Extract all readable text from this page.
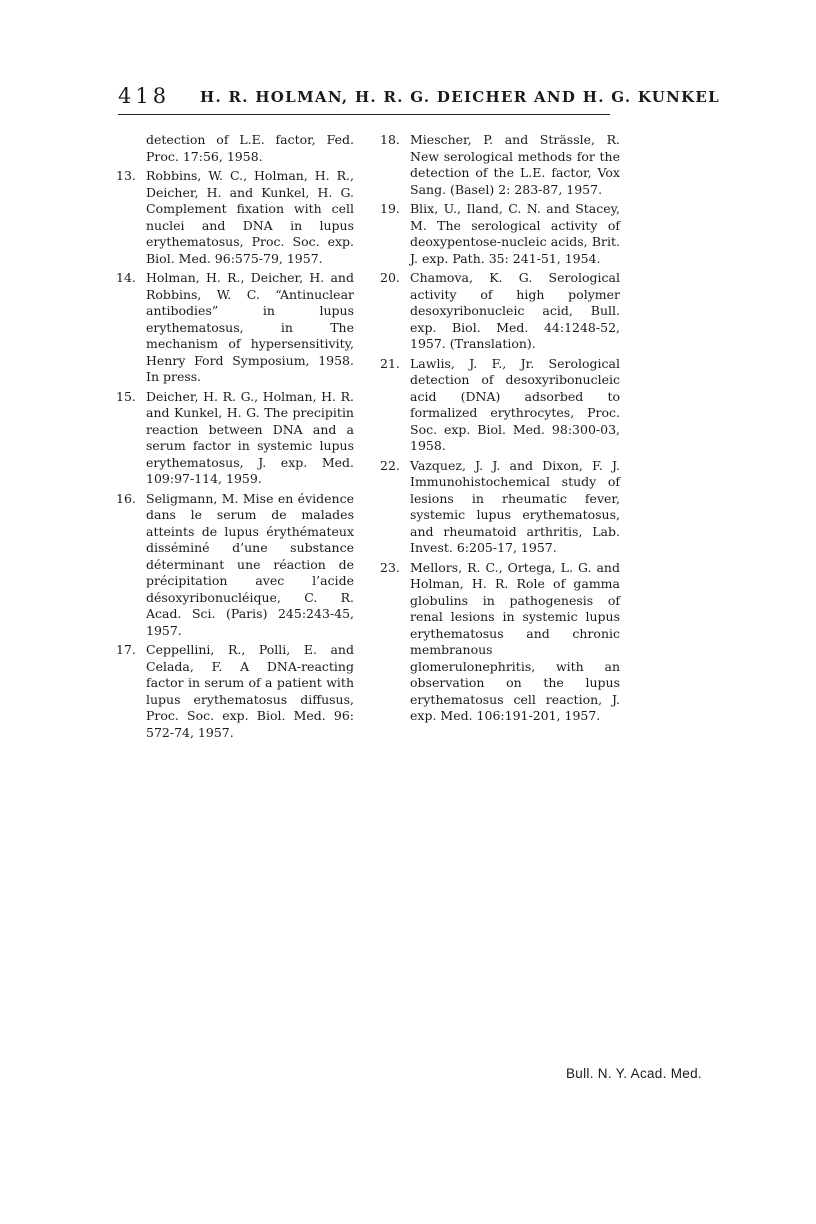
418 H. R. HOLMAN, H. R. G. DEICHER AND H. G. KUNKEL
detection of L.E. factor, Fed. Proc. 17:56, 1958.
13. Robbins, W. C., Holman, H. R., Deicher, H. and Kunkel, H. G. Complement fixation with cell nuclei and DNA in lupus erythematosus, Proc. Soc. exp. Biol. Med. 96:575-79, 1957.
14. Holman, H. R., Deicher, H. and Robbins, W. C. “Antinuclear antibodies” in lupus erythematosus, in The mechanism of hypersensitivity, Henry Ford Symposium, 1958. In press.
15. Deicher, H. R. G., Holman, H. R. and Kunkel, H. G. The precipitin reaction between DNA and a serum factor in systemic lupus erythematosus, J. exp. Med. 109:97-114, 1959.
16. Seligmann, M. Mise en évidence dans le serum de malades atteints de lupus érythémateux disséminé d’une substance déterminant une réaction de précipitation avec l’acide désoxyribonucléique, C. R. Acad. Sci. (Paris) 245:243-45, 1957.
17. Ceppellini, R., Polli, E. and Celada, F. A DNA-reacting factor in serum of a patient with lupus erythematosus diffusus, Proc. Soc. exp. Biol. Med. 96: 572-74, 1957.
18. Miescher, P. and Strässle, R. New serological methods for the detection of the L.E. factor, Vox Sang. (Basel) 2: 283-87, 1957.
19. Blix, U., Iland, C. N. and Stacey, M. The serological activity of deoxypentose-nucleic acids, Brit. J. exp. Path. 35: 241-51, 1954.
20. Chamova, K. G. Serological activity of high polymer desoxyribonucleic acid, Bull. exp. Biol. Med. 44:1248-52, 1957. (Translation).
21. Lawlis, J. F., Jr. Serological detection of desoxyribonucleic acid (DNA) adsorbed to formalized erythrocytes, Proc. Soc. exp. Biol. Med. 98:300-03, 1958.
22. Vazquez, J. J. and Dixon, F. J. Immunohistochemical study of lesions in rheumatic fever, systemic lupus erythematosus, and rheumatoid arthritis, Lab. Invest. 6:205-17, 1957.
23. Mellors, R. C., Ortega, L. G. and Holman, H. R. Role of gamma globulins in pathogenesis of renal lesions in systemic lupus erythematosus and chronic membranous glomerulonephritis, with an observation on the lupus erythematosus cell reaction, J. exp. Med. 106:191-201, 1957.
Bull. N. Y. Acad. Med.
